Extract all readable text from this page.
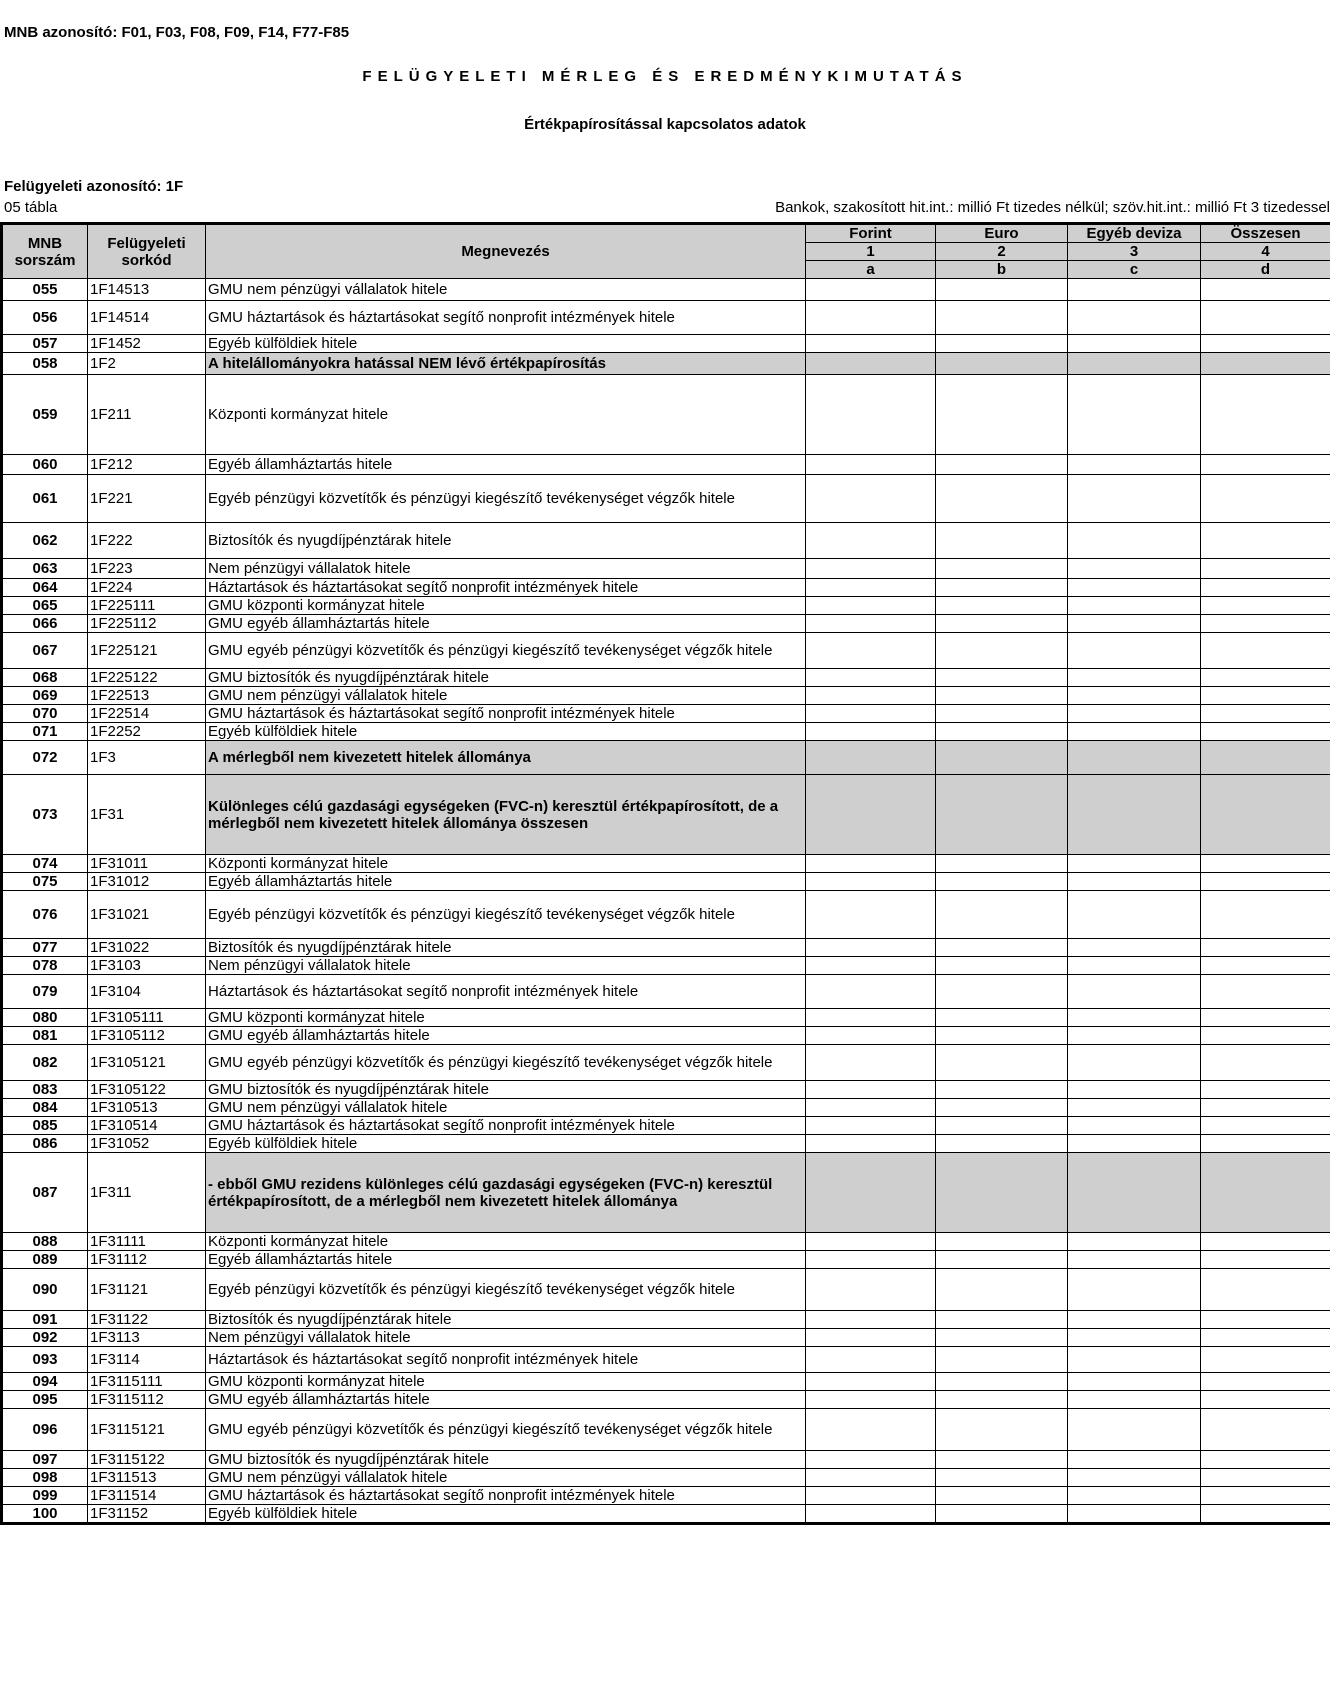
MNB azonosító: F01, F03, F08, F09, F14, F77-F85
FELÜGYELETI MÉRLEG ÉS EREDMÉNYKIMUTATÁS
Értékpapírosítással kapcsolatos adatok
Felügyeleti azonosító: 1F
05 tábla	Bankok, szakosított hit.int.: millió Ft tizedes nélkül; szöv.hit.int.: millió Ft 3 tizedessel
MNB sorszám	Felügyeleti sorkód	Megnevezés	Forint	Euro	Egyéb deviza	Összesen
			1	2	3	4
			a	b	c	d
055	1F14513	GMU nem pénzügyi vállalatok hitele				
056	1F14514	GMU háztartások és háztartásokat segítő nonprofit intézmények hitele				
057	1F1452	Egyéb külföldiek hitele				
058	1F2	A hitelállományokra hatással NEM lévő értékpapírosítás				
059	1F211	Központi kormányzat hitele				
060	1F212	Egyéb államháztartás hitele				
061	1F221	Egyéb pénzügyi közvetítők és pénzügyi kiegészítő tevékenységet végzők hitele				
062	1F222	Biztosítók és nyugdíjpénztárak hitele				
063	1F223	Nem pénzügyi vállalatok hitele				
064	1F224	Háztartások és háztartásokat segítő nonprofit intézmények hitele				
065	1F225111	GMU központi kormányzat hitele				
066	1F225112	GMU egyéb államháztartás hitele				
067	1F225121	GMU egyéb pénzügyi közvetítők és pénzügyi kiegészítő tevékenységet végzők hitele				
068	1F225122	GMU biztosítók és nyugdíjpénztárak hitele				
069	1F22513	GMU nem pénzügyi vállalatok hitele				
070	1F22514	GMU háztartások és háztartásokat segítő nonprofit intézmények hitele				
071	1F2252	Egyéb külföldiek hitele				
072	1F3	A mérlegből nem kivezetett hitelek állománya				
073	1F31	Különleges célú gazdasági egységeken (FVC-n) keresztül értékpapírosított, de a mérlegből nem kivezetett hitelek állománya összesen				
074	1F31011	Központi kormányzat hitele				
075	1F31012	Egyéb államháztartás hitele				
076	1F31021	Egyéb pénzügyi közvetítők és pénzügyi kiegészítő tevékenységet végzők hitele				
077	1F31022	Biztosítók és nyugdíjpénztárak hitele				
078	1F3103	Nem pénzügyi vállalatok hitele				
079	1F3104	Háztartások és háztartásokat segítő nonprofit intézmények hitele				
080	1F3105111	GMU központi kormányzat hitele				
081	1F3105112	GMU egyéb államháztartás hitele				
082	1F3105121	GMU egyéb pénzügyi közvetítők és pénzügyi kiegészítő tevékenységet végzők hitele				
083	1F3105122	GMU biztosítók és nyugdíjpénztárak hitele				
084	1F310513	GMU nem pénzügyi vállalatok hitele				
085	1F310514	GMU háztartások és háztartásokat segítő nonprofit intézmények hitele				
086	1F31052	Egyéb külföldiek hitele				
087	1F311	- ebből GMU rezidens különleges célú gazdasági egységeken (FVC-n) keresztül értékpapírosított, de a mérlegből nem kivezetett hitelek állománya				
088	1F31111	Központi kormányzat hitele				
089	1F31112	Egyéb államháztartás hitele				
090	1F31121	Egyéb pénzügyi közvetítők és pénzügyi kiegészítő tevékenységet végzők hitele				
091	1F31122	Biztosítók és nyugdíjpénztárak hitele				
092	1F3113	Nem pénzügyi vállalatok hitele				
093	1F3114	Háztartások és háztartásokat segítő nonprofit intézmények hitele				
094	1F3115111	GMU központi kormányzat hitele				
095	1F3115112	GMU egyéb államháztartás hitele				
096	1F3115121	GMU egyéb pénzügyi közvetítők és pénzügyi kiegészítő tevékenységet végzők hitele				
097	1F3115122	GMU biztosítók és nyugdíjpénztárak hitele				
098	1F311513	GMU nem pénzügyi vállalatok hitele				
099	1F311514	GMU háztartások és háztartásokat segítő nonprofit intézmények hitele				
100	1F31152	Egyéb külföldiek hitele				
